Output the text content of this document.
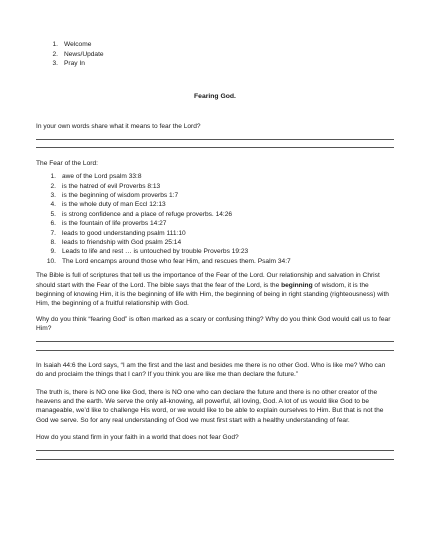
1. Welcome
2. News/Update
3. Pray In
Fearing God.

In your own words share what it means to fear the Lord?

The Fear of the Lord:

1. awe of the Lord psalm 33:8
2. is the hatred of evil Proverbs 8:13
3. is the beginning of wisdom proverbs 1:7
4. is the whole duty of man Eccl 12:13
5. is strong confidence and a place of refuge proverbs. 14:26
6. is the fountain of life proverbs 14:27
7. leads to good understanding psalm 111:10
8. leads to friendship with God psalm 25:14
9. Leads to life and rest … is untouched by trouble Proverbs 19:23
10. The Lord encamps around those who fear Him, and rescues them. Psalm 34:7

The Bible is full of scriptures that tell us the importance of the Fear of the Lord. Our relationship and salvation in Christ should start with the Fear of the Lord. The bible says that the fear of the Lord, is the beginning of wisdom, it is the beginning of knowing Him, it is the beginning of life with Him, the beginning of being in right standing (righteousness) with Him, the beginning of a fruitful relationship with God.

Why do you think “fearing God” is often marked as a scary or confusing thing? Why do you think God would call us to fear Him?

In Isaiah 44:6 the Lord says, “I am the first and the last and besides me there is no other God. Who is like me? Who can do and proclaim the things that I can? If you think you are like me than declare the future.”

The truth is, there is NO one like God, there is NO one who can declare the future and there is no other creator of the heavens and the earth. We serve the only all-knowing, all powerful, all loving, God. A lot of us would like God to be manageable, we’d like to challenge His word, or we would like to be able to explain ourselves to Him. But that is not the God we serve. So for any real understanding of God we must first start with a healthy understanding of fear.

How do you stand firm in your faith in a world that does not fear God?
